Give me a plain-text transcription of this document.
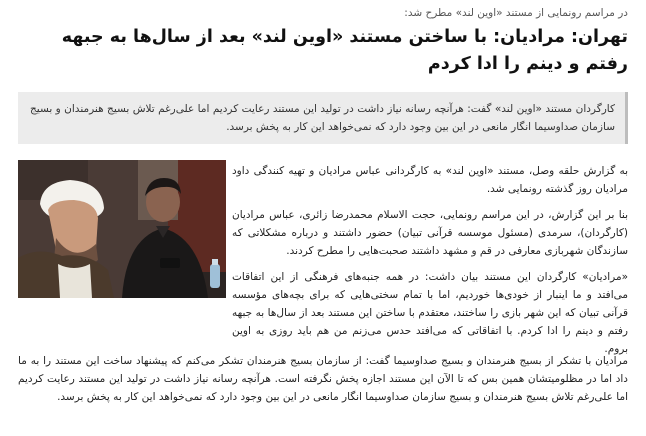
در مراسم رونمایی از مستند «اوین لند» مطرح شد:
تهران: مرادیان: با ساختن مستند «اوین لند» بعد از سال‌ها به جبهه رفتم و دینم را ادا کردم
کارگردان مستند «اوین لند» گفت: هرآنچه رسانه نیاز داشت در تولید این مستند رعایت کردیم اما علی‌رغم تلاش بسیج هنرمندان و بسیج سازمان صداوسیما انگار مانعی در این بین وجود دارد که نمی‌خواهد این کار به پخش برسد.

به گزارش حلقه وصل، مستند «اوین لند» به کارگردانی عباس مرادیان و تهیه کنندگی داود مرادیان روز گذشته رونمایی شد.

بنا بر این گزارش، در این مراسم رونمایی، حجت الاسلام محمدرضا زائری، عباس مرادیان (کارگردان)، سرمدی (مسئول موسسه قرآنی تبیان) حضور داشتند و درباره مشکلاتی که سازندگان شهربازی معارفی در قم و مشهد داشتند صحبت‌هایی را مطرح کردند.

«مرادیان» کارگردان این مستند بیان داشت: در همه جنبه‌های فرهنگی از این اتفاقات می‌افتد و ما اینبار از خودی‌ها خوردیم، اما با تمام سختی‌هایی که برای بچه‌های مؤسسه قرآنی تبیان که این شهر بازی را ساختند، معتقدم با ساختن این مستند بعد از سال‌ها به جبهه رفتم و دینم را ادا کردم. با اتفاقاتی که می‌افتد حدس می‌زنم من هم باید روزی به اوین بروم.

مرادیان با تشکر از بسیج هنرمندان و بسیج صداوسیما گفت: از سازمان بسیج هنرمندان تشکر می‌کنم که پیشنهاد ساخت این مستند را به ما داد اما در مظلومیتشان همین بس که تا الآن این مستند اجازه پخش نگرفته است. هرآنچه رسانه نیاز داشت در تولید این مستند رعایت کردیم اما علی‌رغم تلاش بسیج هنرمندان و بسیج سازمان صداوسیما انگار مانعی در این بین وجود دارد که نمی‌خواهد این کار به پخش برسد.
